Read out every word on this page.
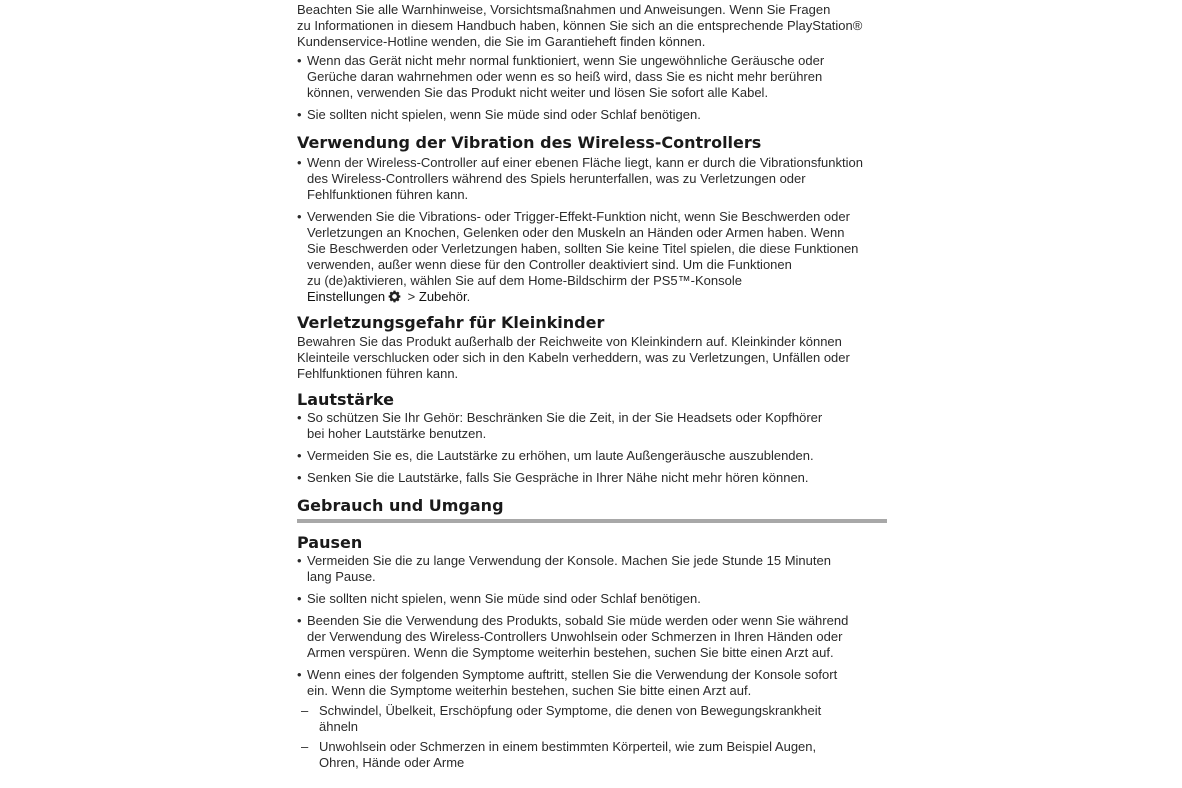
Beachten Sie alle Warnhinweise, Vorsichtsmaßnahmen und Anweisungen. Wenn Sie Fragen
zu Informationen in diesem Handbuch haben, können Sie sich an die entsprechende PlayStation®
Kundenservice-Hotline wenden, die Sie im Garantieheft finden können.

• Wenn das Gerät nicht mehr normal funktioniert, wenn Sie ungewöhnliche Geräusche oder
Gerüche daran wahrnehmen oder wenn es so heiß wird, dass Sie es nicht mehr berühren
können, verwenden Sie das Produkt nicht weiter und lösen Sie sofort alle Kabel.

• Sie sollten nicht spielen, wenn Sie müde sind oder Schlaf benötigen.

Verwendung der Vibration des Wireless-Controllers

• Wenn der Wireless-Controller auf einer ebenen Fläche liegt, kann er durch die Vibrationsfunktion
des Wireless-Controllers während des Spiels herunterfallen, was zu Verletzungen oder
Fehlfunktionen führen kann.

• Verwenden Sie die Vibrations- oder Trigger-Effekt-Funktion nicht, wenn Sie Beschwerden oder
Verletzungen an Knochen, Gelenken oder den Muskeln an Händen oder Armen haben. Wenn
Sie Beschwerden oder Verletzungen haben, sollten Sie keine Titel spielen, die diese Funktionen
verwenden, außer wenn diese für den Controller deaktiviert sind. Um die Funktionen
zu (de)aktivieren, wählen Sie auf dem Home-Bildschirm der PS5™-Konsole
Einstellungen > Zubehör.

Verletzungsgefahr für Kleinkinder

Bewahren Sie das Produkt außerhalb der Reichweite von Kleinkindern auf. Kleinkinder können
Kleinteile verschlucken oder sich in den Kabeln verheddern, was zu Verletzungen, Unfällen oder
Fehlfunktionen führen kann.

Lautstärke

• So schützen Sie Ihr Gehör: Beschränken Sie die Zeit, in der Sie Headsets oder Kopfhörer
bei hoher Lautstärke benutzen.

• Vermeiden Sie es, die Lautstärke zu erhöhen, um laute Außengeräusche auszublenden.

• Senken Sie die Lautstärke, falls Sie Gespräche in Ihrer Nähe nicht mehr hören können.

Gebrauch und Umgang
Pausen

• Vermeiden Sie die zu lange Verwendung der Konsole. Machen Sie jede Stunde 15 Minuten
lang Pause.

• Sie sollten nicht spielen, wenn Sie müde sind oder Schlaf benötigen.

• Beenden Sie die Verwendung des Produkts, sobald Sie müde werden oder wenn Sie während
der Verwendung des Wireless-Controllers Unwohlsein oder Schmerzen in Ihren Händen oder
Armen verspüren. Wenn die Symptome weiterhin bestehen, suchen Sie bitte einen Arzt auf.

• Wenn eines der folgenden Symptome auftritt, stellen Sie die Verwendung der Konsole sofort
ein. Wenn die Symptome weiterhin bestehen, suchen Sie bitte einen Arzt auf.

– Schwindel, Übelkeit, Erschöpfung oder Symptome, die denen von Bewegungskrankheit
ähneln

– Unwohlsein oder Schmerzen in einem bestimmten Körperteil, wie zum Beispiel Augen,
Ohren, Hände oder Arme
